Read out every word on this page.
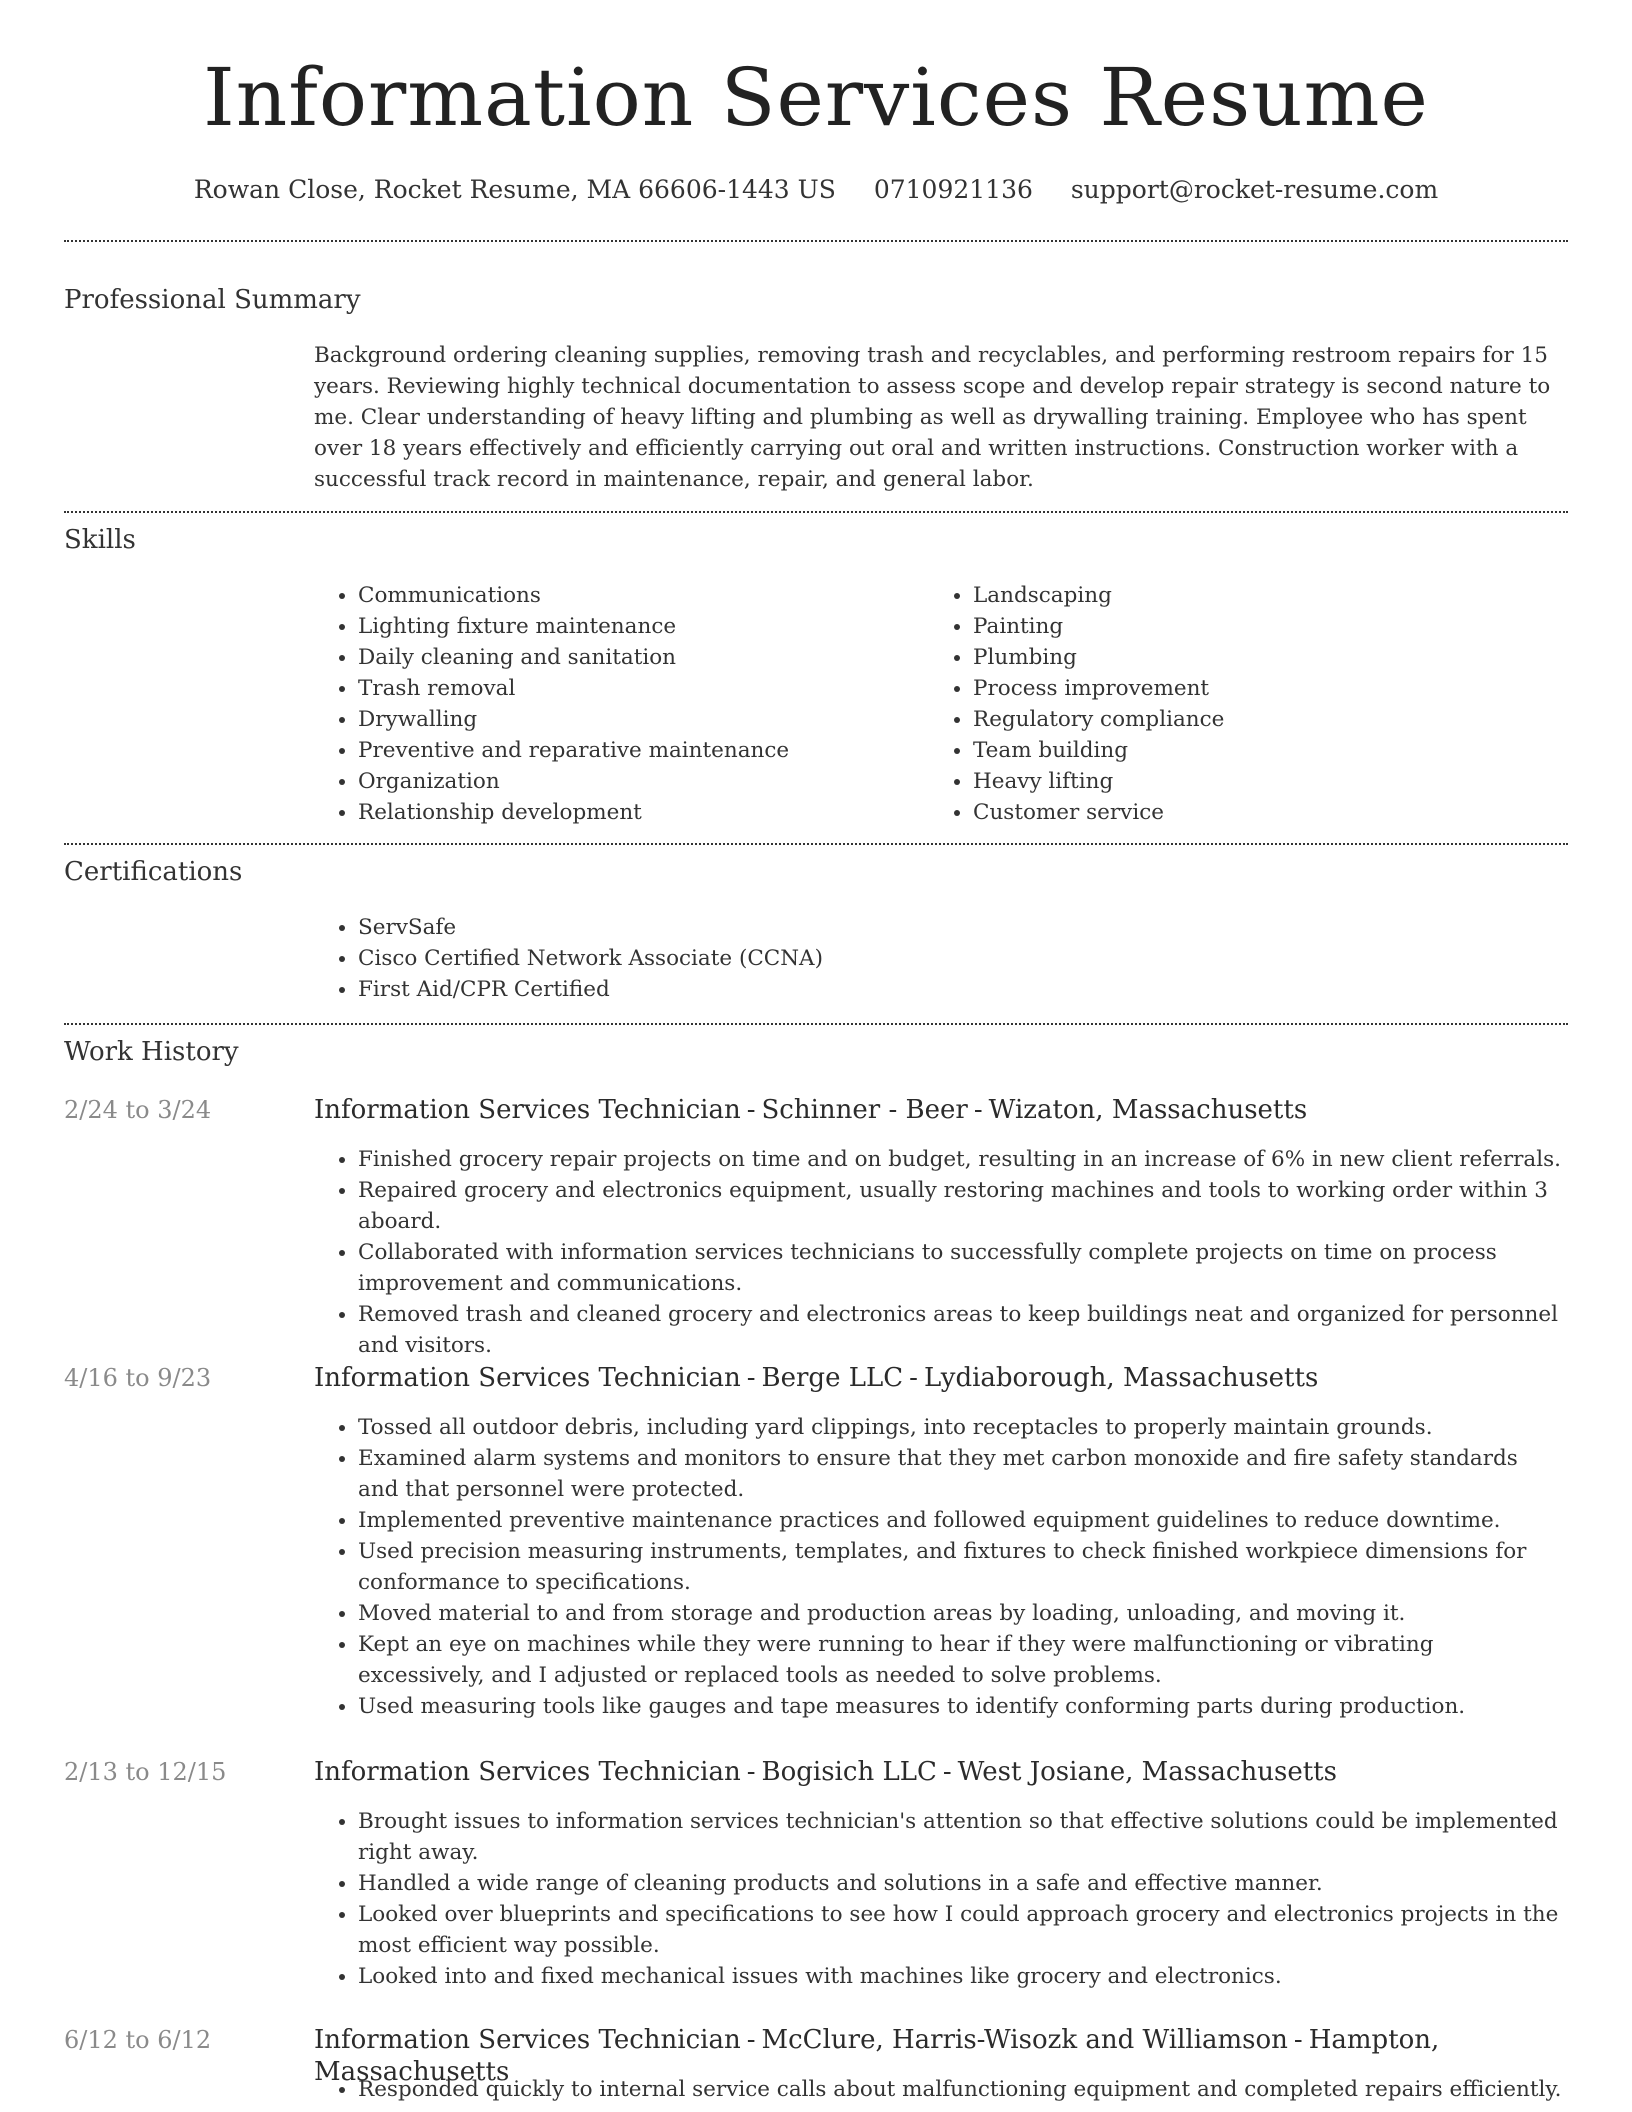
Information Services Resume
Rowan Close, Rocket Resume, MA 66606-1443 US 0710921136 support@rocket-resume.com
Professional Summary

Background ordering cleaning supplies, removing trash and recyclables, and performing restroom repairs for 15 years. Reviewing highly technical documentation to assess scope and develop repair strategy is second nature to me. Clear understanding of heavy lifting and plumbing as well as drywalling training. Employee who has spent over 18 years effectively and efficiently carrying out oral and written instructions. Construction worker with a successful track record in maintenance, repair, and general labor.

Skills
• Communications
• Lighting fixture maintenance
• Daily cleaning and sanitation
• Trash removal
• Drywalling
• Preventive and reparative maintenance
• Organization
• Relationship development
• Landscaping
• Painting
• Plumbing
• Process improvement
• Regulatory compliance
• Team building
• Heavy lifting
• Customer service
Certifications
• ServSafe
• Cisco Certified Network Associate (CCNA)
• First Aid/CPR Certified
Work History
2/24 to 3/24	Information Services Technician - Schinner - Beer - Wizaton, Massachusetts
• Finished grocery repair projects on time and on budget, resulting in an increase of 6% in new client referrals.
• Repaired grocery and electronics equipment, usually restoring machines and tools to working order within 3 aboard.
• Collaborated with information services technicians to successfully complete projects on time on process improvement and communications.
• Removed trash and cleaned grocery and electronics areas to keep buildings neat and organized for personnel and visitors.
4/16 to 9/23	Information Services Technician - Berge LLC - Lydiaborough, Massachusetts
• Tossed all outdoor debris, including yard clippings, into receptacles to properly maintain grounds.
• Examined alarm systems and monitors to ensure that they met carbon monoxide and fire safety standards and that personnel were protected.
• Implemented preventive maintenance practices and followed equipment guidelines to reduce downtime.
• Used precision measuring instruments, templates, and fixtures to check finished workpiece dimensions for conformance to specifications.
• Moved material to and from storage and production areas by loading, unloading, and moving it.
• Kept an eye on machines while they were running to hear if they were malfunctioning or vibrating excessively, and I adjusted or replaced tools as needed to solve problems.
• Used measuring tools like gauges and tape measures to identify conforming parts during production.
2/13 to 12/15	Information Services Technician - Bogisich LLC - West Josiane, Massachusetts
• Brought issues to information services technician's attention so that effective solutions could be implemented right away.
• Handled a wide range of cleaning products and solutions in a safe and effective manner.
• Looked over blueprints and specifications to see how I could approach grocery and electronics projects in the most efficient way possible.
• Looked into and fixed mechanical issues with machines like grocery and electronics.
6/12 to 6/12	Information Services Technician - McClure, Harris-Wisozk and Williamson - Hampton, Massachusetts
• Responded quickly to internal service calls about malfunctioning equipment and completed repairs efficiently.
